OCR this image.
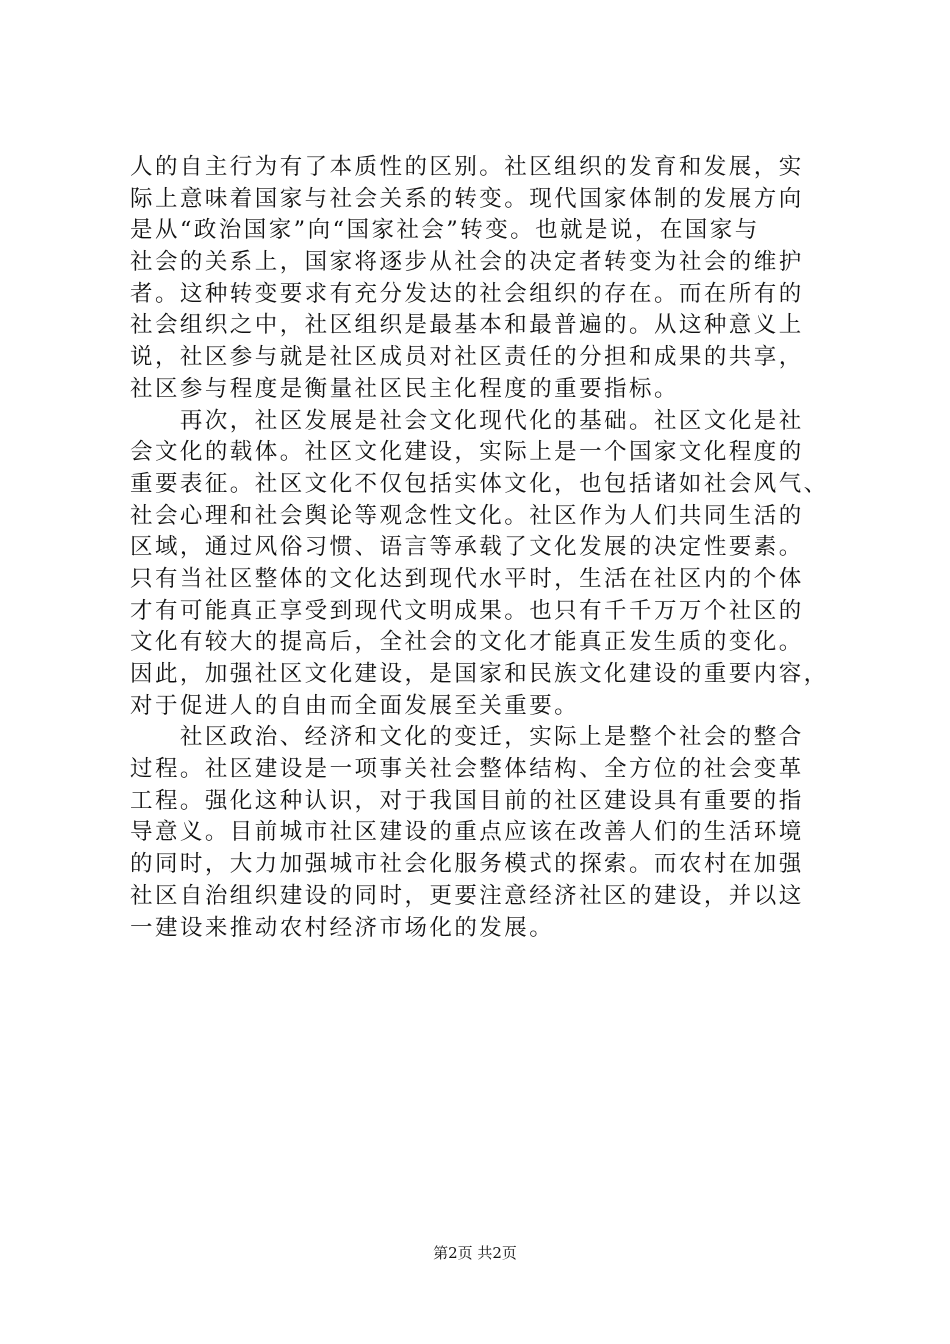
人的自主行为有了本质性的区别。社区组织的发育和发展，实
际上意味着国家与社会关系的转变。现代国家体制的发展方向
是从“政治国家”向“国家社会”转变。也就是说，在国家与
社会的关系上，国家将逐步从社会的决定者转变为社会的维护
者。这种转变要求有充分发达的社会组织的存在。而在所有的
社会组织之中，社区组织是最基本和最普遍的。从这种意义上
说，社区参与就是社区成员对社区责任的分担和成果的共享，
社区参与程度是衡量社区民主化程度的重要指标。
　　再次，社区发展是社会文化现代化的基础。社区文化是社
会文化的载体。社区文化建设，实际上是一个国家文化程度的
重要表征。社区文化不仅包括实体文化，也包括诸如社会风气、
社会心理和社会舆论等观念性文化。社区作为人们共同生活的
区域，通过风俗习惯、语言等承载了文化发展的决定性要素。
只有当社区整体的文化达到现代水平时，生活在社区内的个体
才有可能真正享受到现代文明成果。也只有千千万万个社区的
文化有较大的提高后，全社会的文化才能真正发生质的变化。
因此，加强社区文化建设，是国家和民族文化建设的重要内容，
对于促进人的自由而全面发展至关重要。
　　社区政治、经济和文化的变迁，实际上是整个社会的整合
过程。社区建设是一项事关社会整体结构、全方位的社会变革
工程。强化这种认识，对于我国目前的社区建设具有重要的指
导意义。目前城市社区建设的重点应该在改善人们的生活环境
的同时，大力加强城市社会化服务模式的探索。而农村在加强
社区自治组织建设的同时，更要注意经济社区的建设，并以这
一建设来推动农村经济市场化的发展。
第2页 共2页
